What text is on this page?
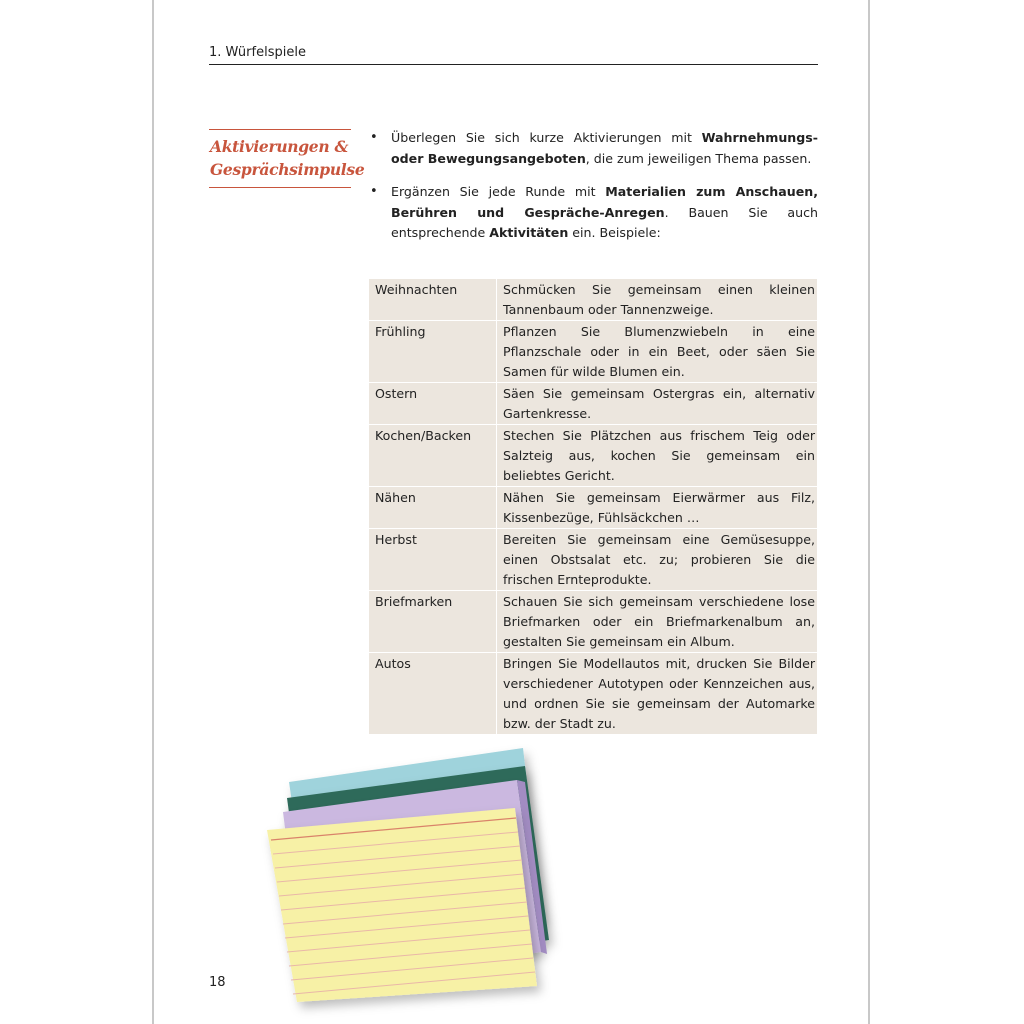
1. Würfelspiele
Aktivierungen &
Gesprächsimpulse
• Überlegen Sie sich kurze Aktivierungen mit Wahrnehmungs- oder Bewegungsangeboten, die zum jeweiligen Thema passen.
• Ergänzen Sie jede Runde mit Materialien zum Anschauen, Berühren und Gespräche-Anregen. Bauen Sie auch entsprechende Aktivitäten ein. Beispiele:
Weihnachten	Schmücken Sie gemeinsam einen kleinen Tannenbaum oder Tannenzweige.
Frühling	Pflanzen Sie Blumenzwiebeln in eine Pflanzschale oder in ein Beet, oder säen Sie Samen für wilde Blumen ein.
Ostern	Säen Sie gemeinsam Ostergras ein, alternativ Gartenkresse.
Kochen/Backen	Stechen Sie Plätzchen aus frischem Teig oder Salzteig aus, kochen Sie gemeinsam ein beliebtes Gericht.
Nähen	Nähen Sie gemeinsam Eierwärmer aus Filz, Kissenbezüge, Fühlsäckchen …
Herbst	Bereiten Sie gemeinsam eine Gemüsesuppe, einen Obstsalat etc. zu; probieren Sie die frischen Ernteprodukte.
Briefmarken	Schauen Sie sich gemeinsam verschiedene lose Briefmarken oder ein Briefmarkenalbum an, gestalten Sie gemeinsam ein Album.
Autos	Bringen Sie Modellautos mit, drucken Sie Bilder verschiedener Autotypen oder Kennzeichen aus, und ordnen Sie sie gemeinsam der Automarke bzw. der Stadt zu.
18
